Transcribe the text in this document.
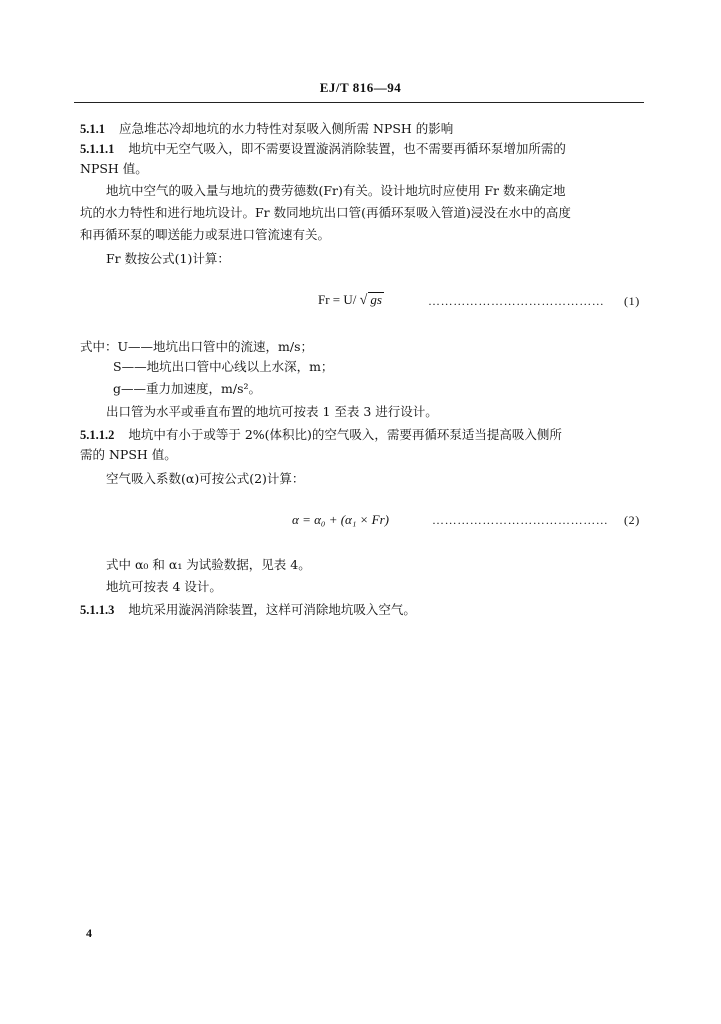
EJ/T 816—94
5.1.1 应急堆芯冷却地坑的水力特性对泵吸入侧所需 NPSH 的影响
5.1.1.1 地坑中无空气吸入，即不需要设置漩涡消除装置，也不需要再循环泵增加所需的
NPSH 值。
地坑中空气的吸入量与地坑的费劳德数(Fr)有关。设计地坑时应使用 Fr 数来确定地
坑的水力特性和进行地坑设计。Fr 数同地坑出口管(再循环泵吸入管道)浸没在水中的高度
和再循环泵的唧送能力或泵进口管流速有关。
Fr 数按公式(1)计算：
Fr = U/ √ gs	…………………………………… (1)
式中：U——地坑出口管中的流速，m/s；
S——地坑出口管中心线以上水深，m；
g——重力加速度，m/s²。
出口管为水平或垂直布置的地坑可按表 1 至表 3 进行设计。
5.1.1.2 地坑中有小于或等于 2%(体积比)的空气吸入，需要再循环泵适当提高吸入侧所
需的 NPSH 值。
空气吸入系数(α)可按公式(2)计算：
α = α₀ + (α₁ × Fr)	…………………………………… (2)
式中 α₀ 和 α₁ 为试验数据，见表 4。
地坑可按表 4 设计。
5.1.1.3 地坑采用漩涡消除装置，这样可消除地坑吸入空气。
4
